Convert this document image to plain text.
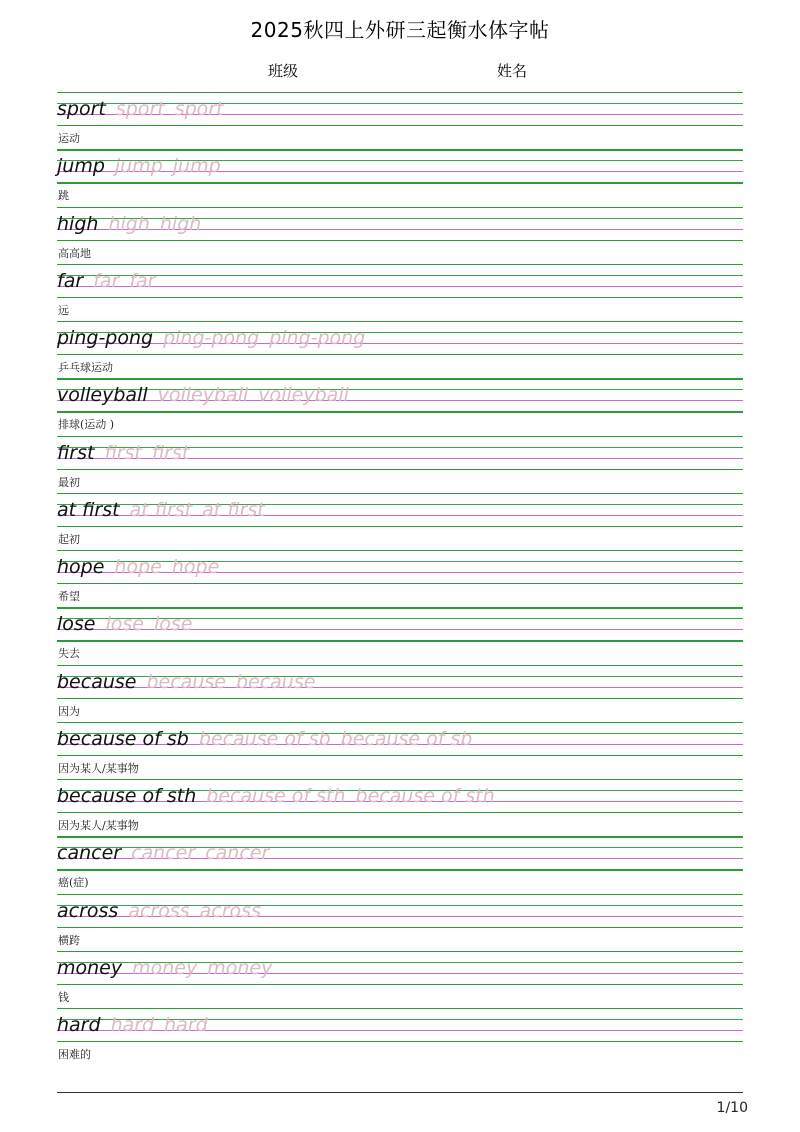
2025秋四上外研三起衡水体字帖
班级	姓名
sport sport sport
运动
jump jump jump
跳
high high high
高高地
far far far
远
ping-pong ping-pong ping-pong
乒乓球运动
volleyball volleyball volleyball
排球(运动 )
first first first
最初
at first at first at first
起初
hope hope hope
希望
lose lose lose
失去
because because because
因为
because of sb because of sb because of sb
因为某人/某事物
because of sth because of sth because of sth
因为某人/某事物
cancer cancer cancer
癌(症)
across across across
横跨
money money money
钱
hard hard hard
困难的
1/10
